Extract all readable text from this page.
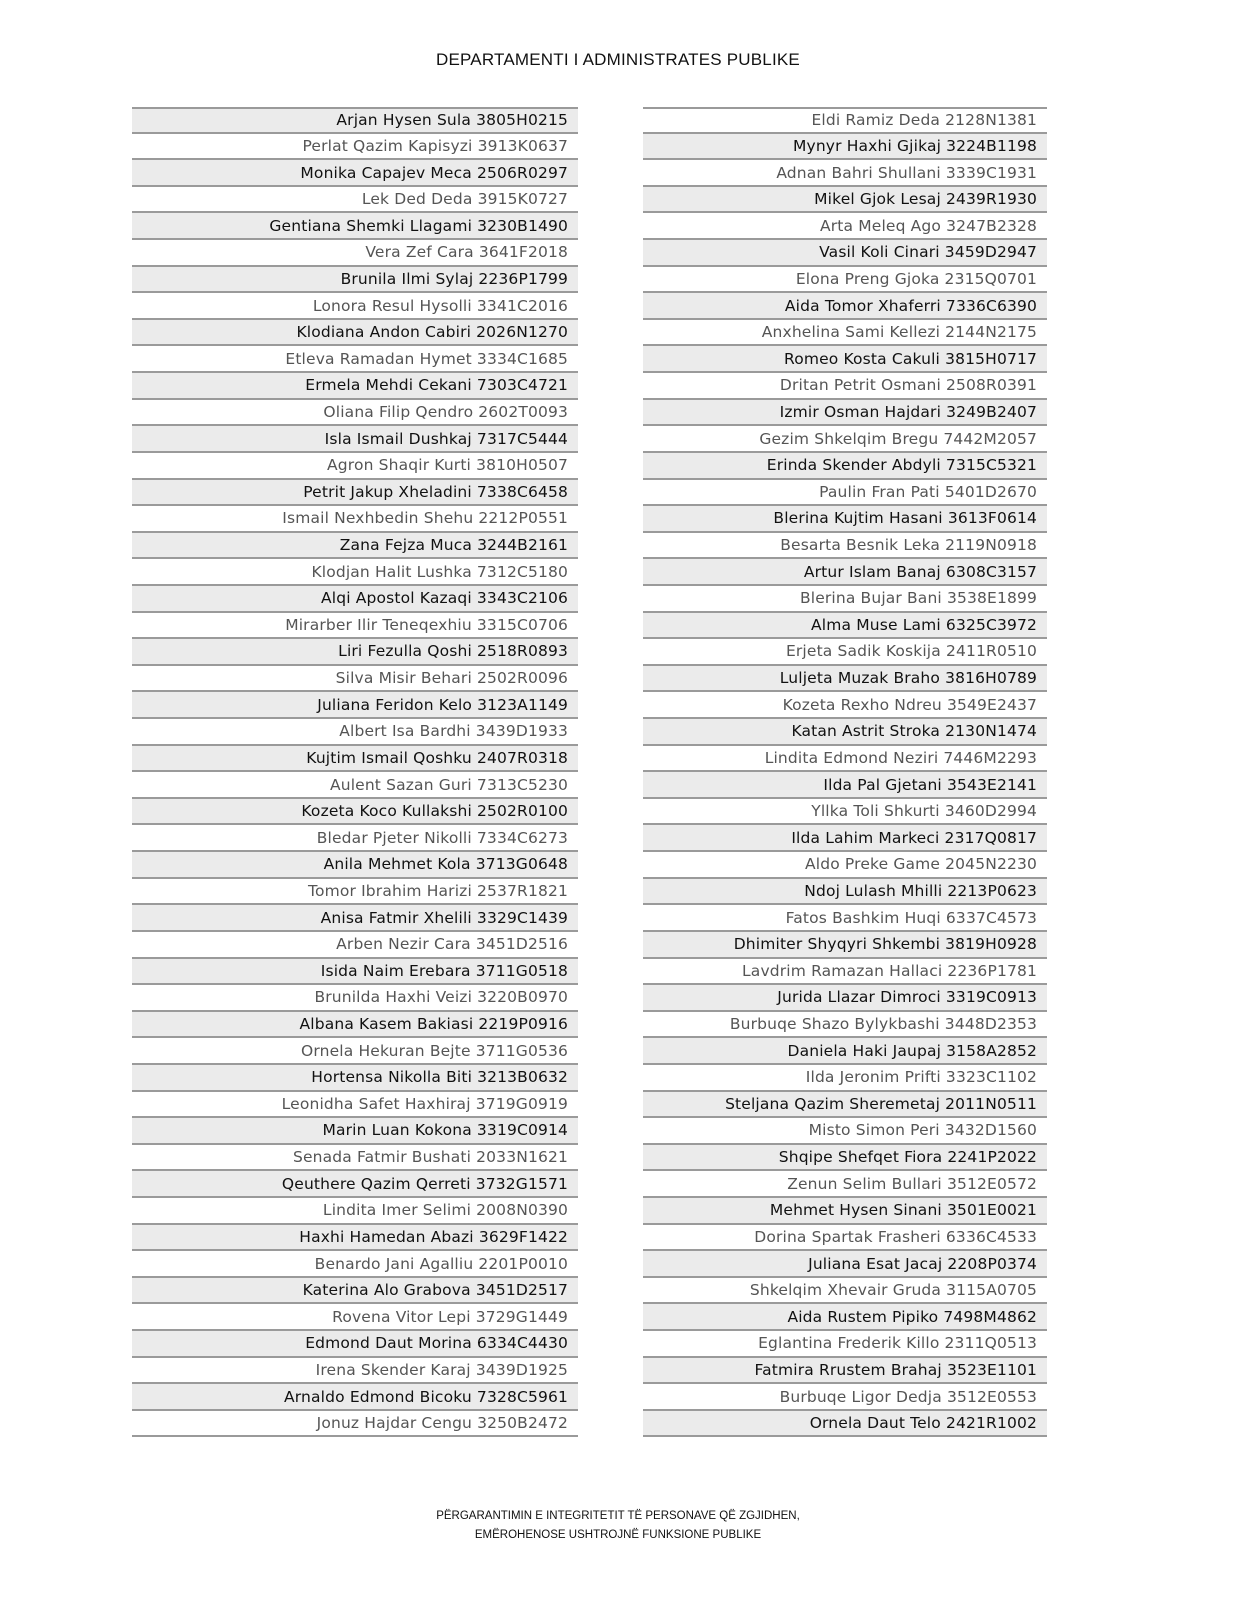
DEPARTAMENTI I ADMINISTRATES PUBLIKE
Arjan Hysen Sula 3805H0215
Perlat Qazim Kapisyzi 3913K0637
Monika Capajev Meca 2506R0297
Lek Ded Deda 3915K0727
Gentiana Shemki Llagami 3230B1490
Vera Zef Cara 3641F2018
Brunila Ilmi Sylaj 2236P1799
Lonora Resul Hysolli 3341C2016
Klodiana Andon Cabiri 2026N1270
Etleva Ramadan Hymet 3334C1685
Ermela Mehdi Cekani 7303C4721
Oliana Filip Qendro 2602T0093
Isla Ismail Dushkaj 7317C5444
Agron Shaqir Kurti 3810H0507
Petrit Jakup Xheladini 7338C6458
Ismail Nexhbedin Shehu 2212P0551
Zana Fejza Muca 3244B2161
Klodjan Halit Lushka 7312C5180
Alqi Apostol Kazaqi 3343C2106
Mirarber Ilir Teneqexhiu 3315C0706
Liri Fezulla Qoshi 2518R0893
Silva Misir Behari 2502R0096
Juliana Feridon Kelo 3123A1149
Albert Isa Bardhi 3439D1933
Kujtim Ismail Qoshku 2407R0318
Aulent Sazan Guri 7313C5230
Kozeta Koco Kullakshi 2502R0100
Bledar Pjeter Nikolli 7334C6273
Anila Mehmet Kola 3713G0648
Tomor Ibrahim Harizi 2537R1821
Anisa Fatmir Xhelili 3329C1439
Arben Nezir Cara 3451D2516
Isida Naim Erebara 3711G0518
Brunilda Haxhi Veizi 3220B0970
Albana Kasem Bakiasi 2219P0916
Ornela Hekuran Bejte 3711G0536
Hortensa Nikolla Biti 3213B0632
Leonidha Safet Haxhiraj 3719G0919
Marin Luan Kokona 3319C0914
Senada Fatmir Bushati 2033N1621
Qeuthere Qazim Qerreti 3732G1571
Lindita Imer Selimi 2008N0390
Haxhi Hamedan Abazi 3629F1422
Benardo Jani Agalliu 2201P0010
Katerina Alo Grabova 3451D2517
Rovena Vitor Lepi 3729G1449
Edmond Daut Morina 6334C4430
Irena Skender Karaj 3439D1925
Arnaldo Edmond Bicoku 7328C5961
Jonuz Hajdar Cengu 3250B2472
Eldi Ramiz Deda 2128N1381
Mynyr Haxhi Gjikaj 3224B1198
Adnan Bahri Shullani 3339C1931
Mikel Gjok Lesaj 2439R1930
Arta Meleq Ago 3247B2328
Vasil Koli Cinari 3459D2947
Elona Preng Gjoka 2315Q0701
Aida Tomor Xhaferri 7336C6390
Anxhelina Sami Kellezi 2144N2175
Romeo Kosta Cakuli 3815H0717
Dritan Petrit Osmani 2508R0391
Izmir Osman Hajdari 3249B2407
Gezim Shkelqim Bregu 7442M2057
Erinda Skender Abdyli 7315C5321
Paulin Fran Pati 5401D2670
Blerina Kujtim Hasani 3613F0614
Besarta Besnik Leka 2119N0918
Artur Islam Banaj 6308C3157
Blerina Bujar Bani 3538E1899
Alma Muse Lami 6325C3972
Erjeta Sadik Koskija 2411R0510
Luljeta Muzak Braho 3816H0789
Kozeta Rexho Ndreu 3549E2437
Katan Astrit Stroka 2130N1474
Lindita Edmond Neziri 7446M2293
Ilda Pal Gjetani 3543E2141
Yllka Toli Shkurti 3460D2994
Ilda Lahim Markeci 2317Q0817
Aldo Preke Game 2045N2230
Ndoj Lulash Mhilli 2213P0623
Fatos Bashkim Huqi 6337C4573
Dhimiter Shyqyri Shkembi 3819H0928
Lavdrim Ramazan Hallaci 2236P1781
Jurida Llazar Dimroci 3319C0913
Burbuqe Shazo Bylykbashi 3448D2353
Daniela Haki Jaupaj 3158A2852
Ilda Jeronim Prifti 3323C1102
Steljana Qazim Sheremetaj 2011N0511
Misto Simon Peri 3432D1560
Shqipe Shefqet Fiora 2241P2022
Zenun Selim Bullari 3512E0572
Mehmet Hysen Sinani 3501E0021
Dorina Spartak Frasheri 6336C4533
Juliana Esat Jacaj 2208P0374
Shkelqim Xhevair Gruda 3115A0705
Aida Rustem Pipiko 7498M4862
Eglantina Frederik Killo 2311Q0513
Fatmira Rrustem Brahaj 3523E1101
Burbuqe Ligor Dedja 3512E0553
Ornela Daut Telo 2421R1002
PËRGARANTIMIN E INTEGRITETIT TË PERSONAVE QË ZGJIDHEN,
EMËROHENOSE USHTROJNË FUNKSIONE PUBLIKE
